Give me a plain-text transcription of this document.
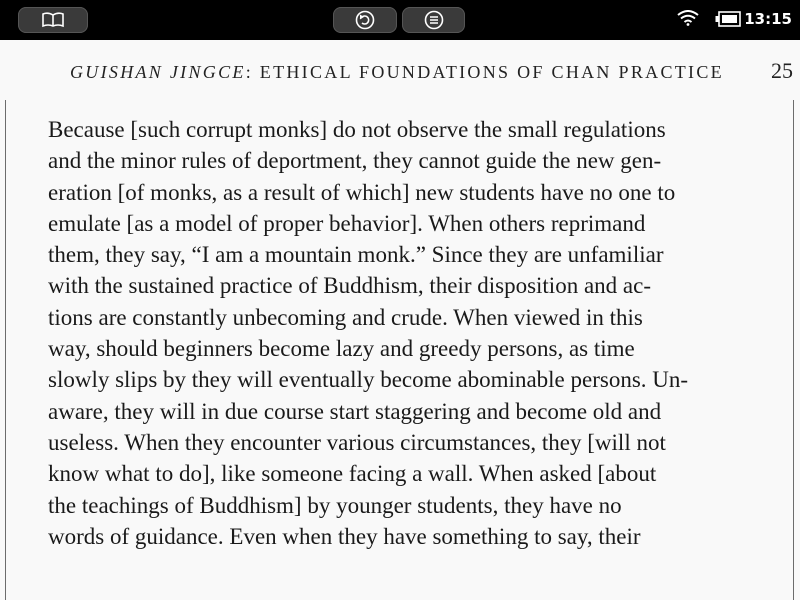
13:15
GUISHAN JINGCE: ETHICAL FOUNDATIONS OF CHAN PRACTICE 25
Because [such corrupt monks] do not observe the small regulations
and the minor rules of deportment, they cannot guide the new gen-
eration [of monks, as a result of which] new students have no one to
emulate [as a model of proper behavior]. When others reprimand
them, they say, “I am a mountain monk.” Since they are unfamiliar
with the sustained practice of Buddhism, their disposition and ac-
tions are constantly unbecoming and crude. When viewed in this
way, should beginners become lazy and greedy persons, as time
slowly slips by they will eventually become abominable persons. Un-
aware, they will in due course start staggering and become old and
useless. When they encounter various circumstances, they [will not
know what to do], like someone facing a wall. When asked [about
the teachings of Buddhism] by younger students, they have no
words of guidance. Even when they have something to say, their
